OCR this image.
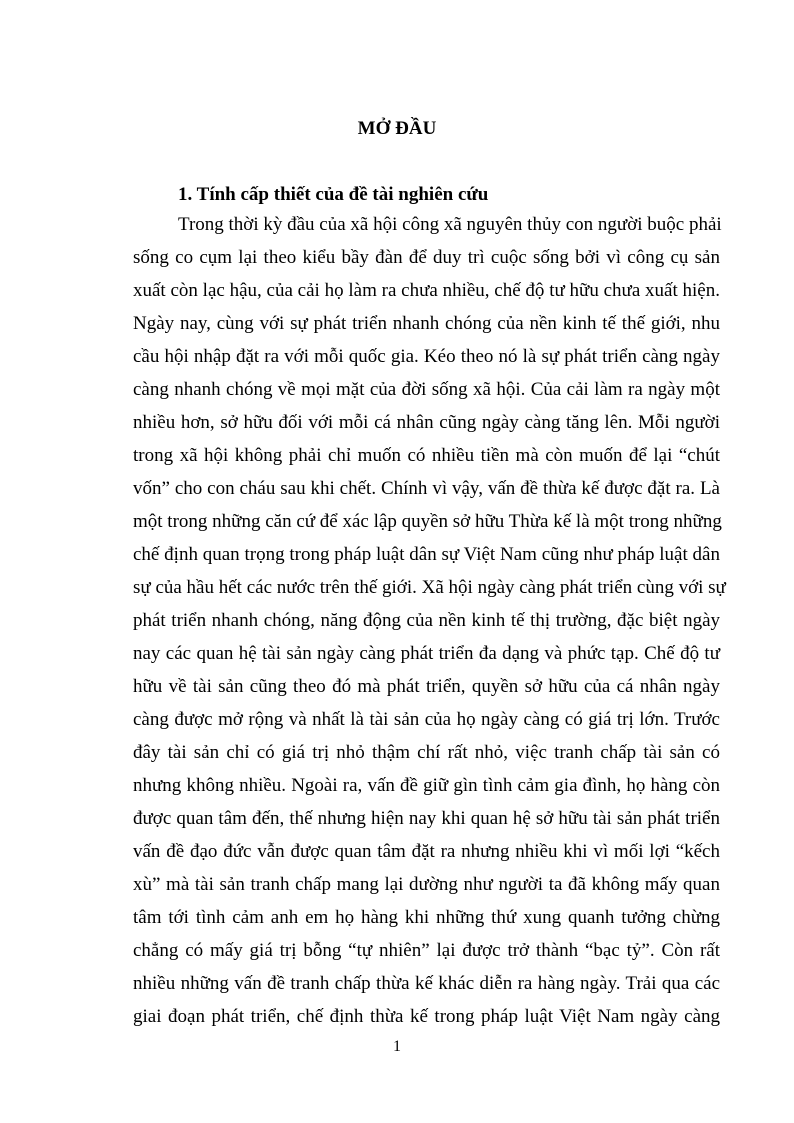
MỞ ĐẦU
1. Tính cấp thiết của đề tài nghiên cứu
Trong thời kỳ đầu của xã hội công xã nguyên thủy con người buộc phải
sống co cụm lại theo kiểu bầy đàn để duy trì cuộc sống bởi vì công cụ sản
xuất còn lạc hậu, của cải họ làm ra chưa nhiều, chế độ tư hữu chưa xuất hiện.
Ngày nay, cùng với sự phát triển nhanh chóng của nền kinh tế thế giới, nhu
cầu hội nhập đặt ra với mỗi quốc gia. Kéo theo nó là sự phát triển càng ngày
càng nhanh chóng về mọi mặt của đời sống xã hội. Của cải làm ra ngày một
nhiều hơn, sở hữu đối với mỗi cá nhân cũng ngày càng tăng lên. Mỗi người
trong xã hội không phải chỉ muốn có nhiều tiền mà còn muốn để lại “chút
vốn” cho con cháu sau khi chết. Chính vì vậy, vấn đề thừa kế được đặt ra. Là
một trong những căn cứ để xác lập quyền sở hữu Thừa kế là một trong những
chế định quan trọng trong pháp luật dân sự Việt Nam cũng như pháp luật dân
sự của hầu hết các nước trên thế giới. Xã hội ngày càng phát triển cùng với sự
phát triển nhanh chóng, năng động của nền kinh tế thị trường, đặc biệt ngày
nay các quan hệ tài sản ngày càng phát triển đa dạng và phức tạp. Chế độ tư
hữu về tài sản cũng theo đó mà phát triển, quyền sở hữu của cá nhân ngày
càng được mở rộng và nhất là tài sản của họ ngày càng có giá trị lớn. Trước
đây tài sản chỉ có giá trị nhỏ thậm chí rất nhỏ, việc tranh chấp tài sản có
nhưng không nhiều. Ngoài ra, vấn đề giữ gìn tình cảm gia đình, họ hàng còn
được quan tâm đến, thế nhưng hiện nay khi quan hệ sở hữu tài sản phát triển
vấn đề đạo đức vẫn được quan tâm đặt ra nhưng nhiều khi vì mối lợi “kếch
xù” mà tài sản tranh chấp mang lại dường như người ta đã không mấy quan
tâm tới tình cảm anh em họ hàng khi những thứ xung quanh tưởng chừng
chẳng có mấy giá trị bỗng “tự nhiên” lại được trở thành “bạc tỷ”. Còn rất
nhiều những vấn đề tranh chấp thừa kế khác diễn ra hàng ngày. Trải qua các
giai đoạn phát triển, chế định thừa kế trong pháp luật Việt Nam ngày càng
1
